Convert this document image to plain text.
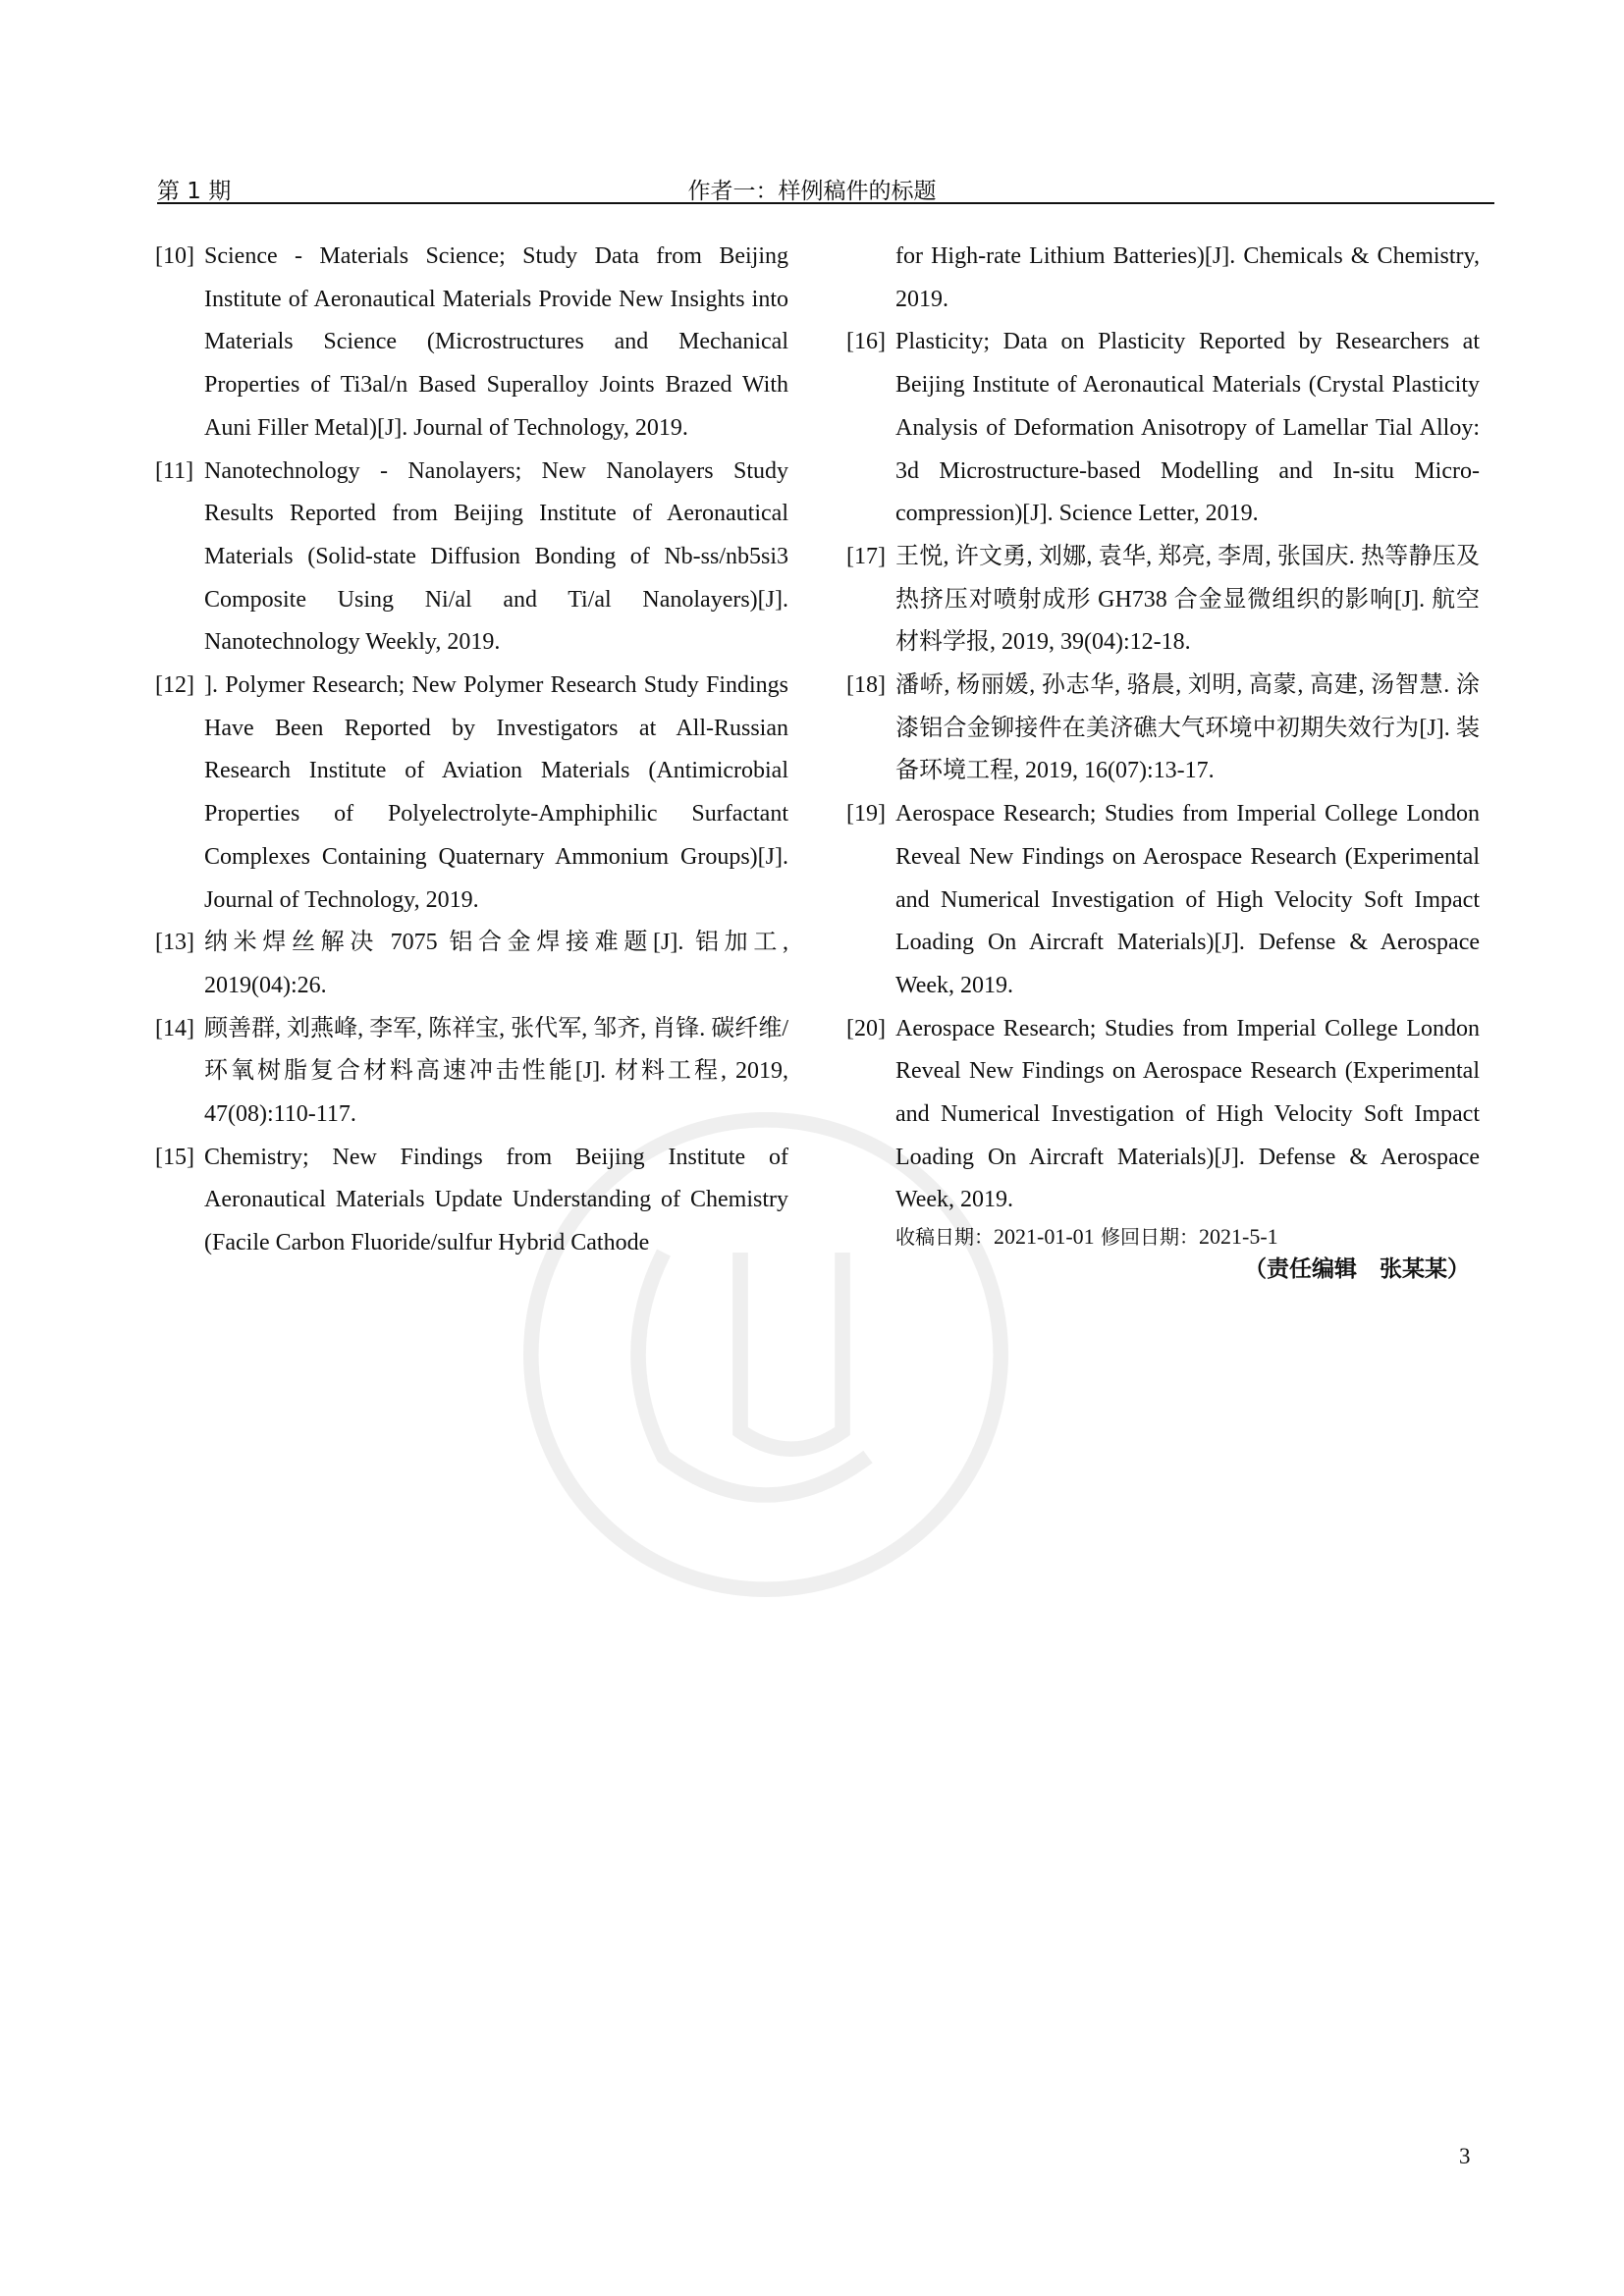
第 1 期	作者一：样例稿件的标题
[10] Science - Materials Science; Study Data from Beijing Institute of Aeronautical Materials Provide New Insights into Materials Science (Microstructures and Mechanical Properties of Ti3al/n Based Superalloy Joints Brazed With Auni Filler Metal)[J]. Journal of Technology, 2019.
[11] Nanotechnology - Nanolayers; New Nanolayers Study Results Reported from Beijing Institute of Aeronautical Materials (Solid-state Diffusion Bonding of Nb-ss/nb5si3 Composite Using Ni/al and Ti/al Nanolayers)[J]. Nanotechnology Weekly, 2019.
[12] ]. Polymer Research; New Polymer Research Study Findings Have Been Reported by Investigators at All-Russian Research Institute of Aviation Materials (Antimicrobial Properties of Polyelectrolyte-Amphiphilic Surfactant Complexes Containing Quaternary Ammonium Groups)[J]. Journal of Technology, 2019.
[13] 纳米焊丝解决 7075 铝合金焊接难题[J]. 铝加工, 2019(04):26.
[14] 顾善群, 刘燕峰, 李军, 陈祥宝, 张代军, 邹齐, 肖锋. 碳纤维/环氧树脂复合材料高速冲击性能[J]. 材料工程, 2019, 47(08):110-117.
[15] Chemistry; New Findings from Beijing Institute of Aeronautical Materials Update Understanding of Chemistry (Facile Carbon Fluoride/sulfur Hybrid Cathode
for High-rate Lithium Batteries)[J]. Chemicals & Chemistry, 2019.
[16] Plasticity; Data on Plasticity Reported by Researchers at Beijing Institute of Aeronautical Materials (Crystal Plasticity Analysis of Deformation Anisotropy of Lamellar Tial Alloy: 3d Microstructure-based Modelling and In-situ Micro-compression)[J]. Science Letter, 2019.
[17] 王悦, 许文勇, 刘娜, 袁华, 郑亮, 李周, 张国庆. 热等静压及热挤压对喷射成形 GH738 合金显微组织的影响[J]. 航空材料学报, 2019, 39(04):12-18.
[18] 潘峤, 杨丽媛, 孙志华, 骆晨, 刘明, 高蒙, 高建, 汤智慧. 涂漆铝合金铆接件在美济礁大气环境中初期失效行为[J]. 装备环境工程, 2019, 16(07):13-17.
[19] Aerospace Research; Studies from Imperial College London Reveal New Findings on Aerospace Research (Experimental and Numerical Investigation of High Velocity Soft Impact Loading On Aircraft Materials)[J]. Defense & Aerospace Week, 2019.
[20] Aerospace Research; Studies from Imperial College London Reveal New Findings on Aerospace Research (Experimental and Numerical Investigation of High Velocity Soft Impact Loading On Aircraft Materials)[J]. Defense & Aerospace Week, 2019.
收稿日期：2021-01-01 修回日期：2021-5-1
（责任编辑　张某某）
3
